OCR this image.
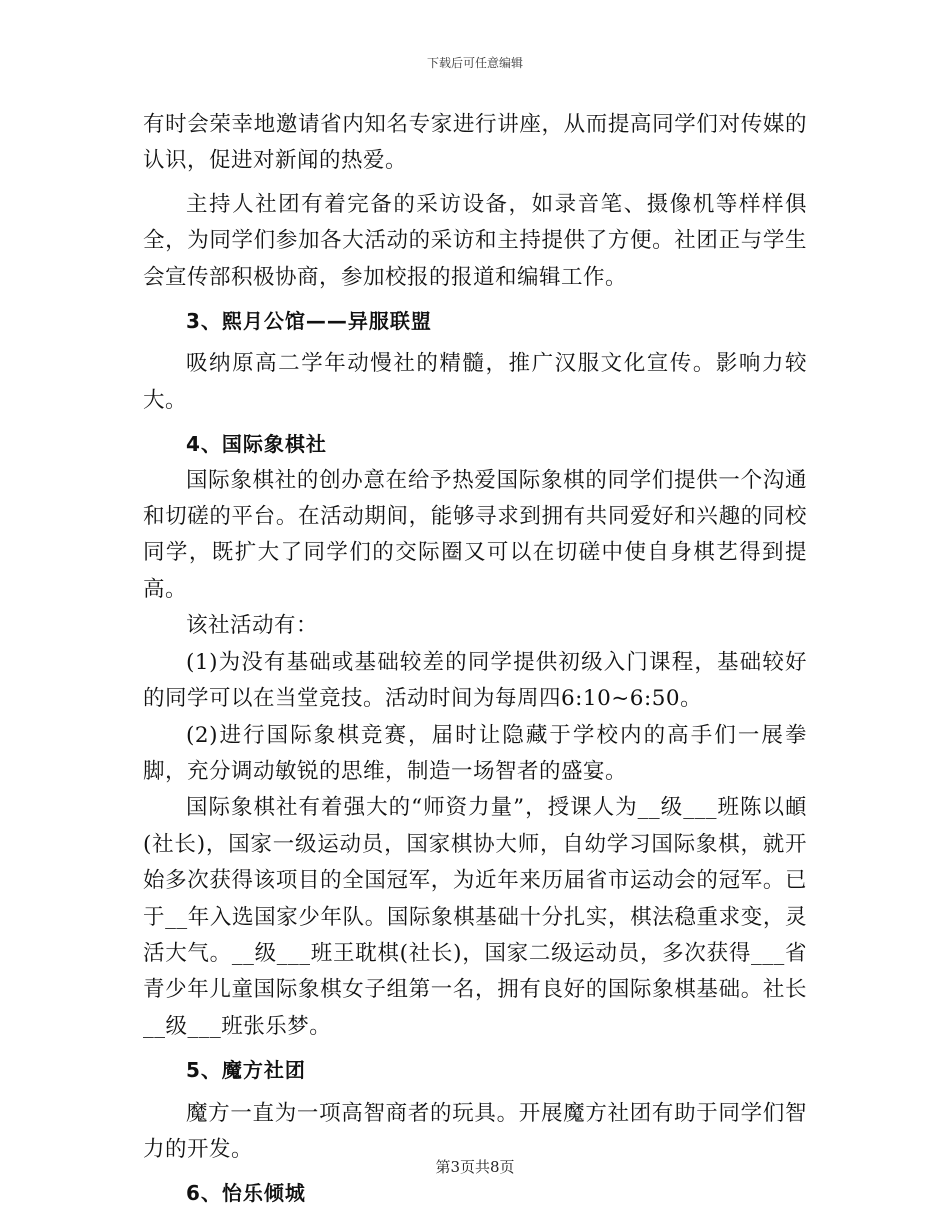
下载后可任意编辑

有时会荣幸地邀请省内知名专家进行讲座，从而提高同学们对传媒的认识，促进对新闻的热爱。

主持人社团有着完备的采访设备，如录音笔、摄像机等样样俱全，为同学们参加各大活动的采访和主持提供了方便。社团正与学生会宣传部积极协商，参加校报的报道和编辑工作。

3、熙月公馆——异服联盟

吸纳原高二学年动慢社的精髓，推广汉服文化宣传。影响力较大。

4、国际象棋社

国际象棋社的创办意在给予热爱国际象棋的同学们提供一个沟通和切磋的平台。在活动期间，能够寻求到拥有共同爱好和兴趣的同校同学，既扩大了同学们的交际圈又可以在切磋中使自身棋艺得到提高。

该社活动有：

(1)为没有基础或基础较差的同学提供初级入门课程，基础较好的同学可以在当堂竞技。活动时间为每周四6:10~6:50。

(2)进行国际象棋竞赛，届时让隐藏于学校内的高手们一展拳脚，充分调动敏锐的思维，制造一场智者的盛宴。

国际象棋社有着强大的“师资力量”，授课人为__级___班陈以頔(社长)，国家一级运动员，国家棋协大师，自幼学习国际象棋，就开始多次获得该项目的全国冠军，为近年来历届省市运动会的冠军。已于__年入选国家少年队。国际象棋基础十分扎实，棋法稳重求变，灵活大气。__级___班王耽棋(社长)，国家二级运动员，多次获得___省青少年儿童国际象棋女子组第一名，拥有良好的国际象棋基础。社长__级___班张乐梦。

5、魔方社团

魔方一直为一项高智商者的玩具。开展魔方社团有助于同学们智力的开发。

6、怡乐倾城

第3页共8页
